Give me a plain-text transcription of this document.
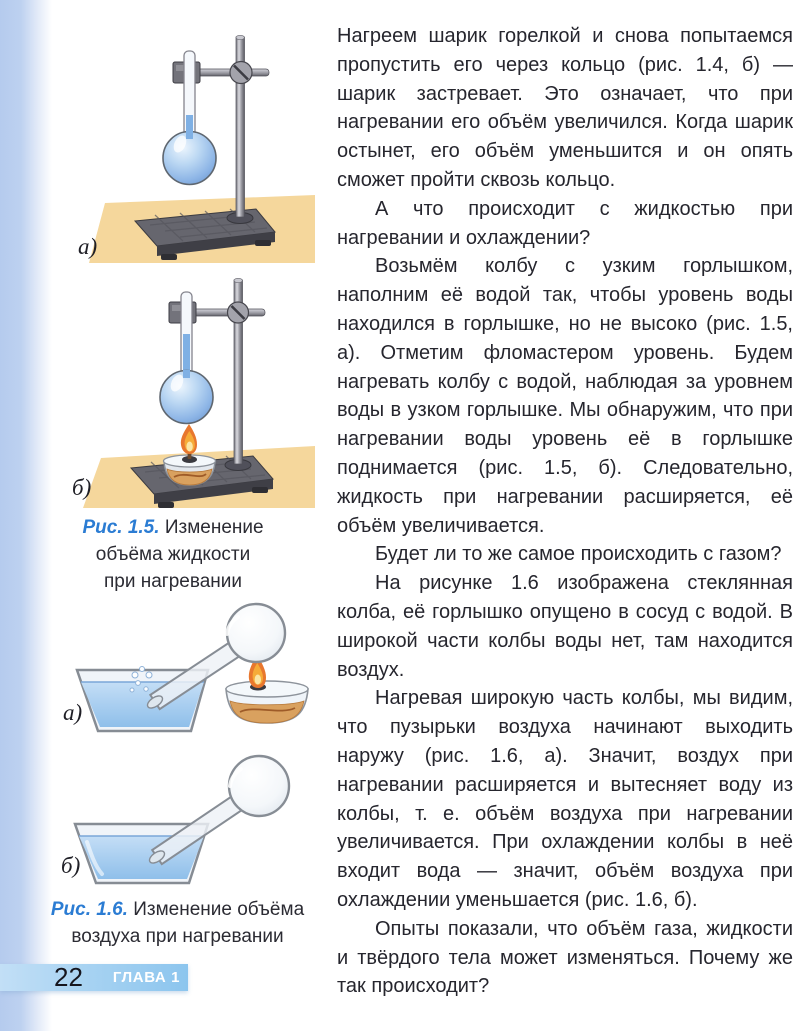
а)
б)
Рис. 1.5. Изменение
объёма жидкости
при нагревании
а)
б)
Рис. 1.6. Изменение объёма
воздуха при нагревании

Нагреем шарик горелкой и снова попытаемся пропустить его через кольцо (рис. 1.4, б) — шарик застревает. Это означает, что при нагревании его объём увеличился. Когда шарик остынет, его объём уменьшится и он опять сможет пройти сквозь кольцо.

А что происходит с жидкостью при нагревании и охлаждении?

Возьмём колбу с узким горлышком, наполним её водой так, чтобы уровень воды находился в горлышке, но не высоко (рис. 1.5, а). Отметим фломастером уровень. Будем нагревать колбу с водой, наблюдая за уровнем воды в узком горлышке. Мы обнаружим, что при нагревании воды уровень её в горлышке поднимается (рис. 1.5, б). Следовательно, жидкость при нагревании расширяется, её объём увеличивается.

Будет ли то же самое происходить с газом?

На рисунке 1.6 изображена стеклянная колба, её горлышко опущено в сосуд с водой. В широкой части колбы воды нет, там находится воздух.

Нагревая широкую часть колбы, мы видим, что пузырьки воздуха начинают выходить наружу (рис. 1.6, а). Значит, воздух при нагревании расширяется и вытесняет воду из колбы, т. е. объём воздуха при нагревании увеличивается. При охлаждении колбы в неё входит вода — значит, объём воздуха при охлаждении уменьшается (рис. 1.6, б).

Опыты показали, что объём газа, жидкости и твёрдого тела может изменяться. Почему же так происходит?

22 ГЛАВА 1
